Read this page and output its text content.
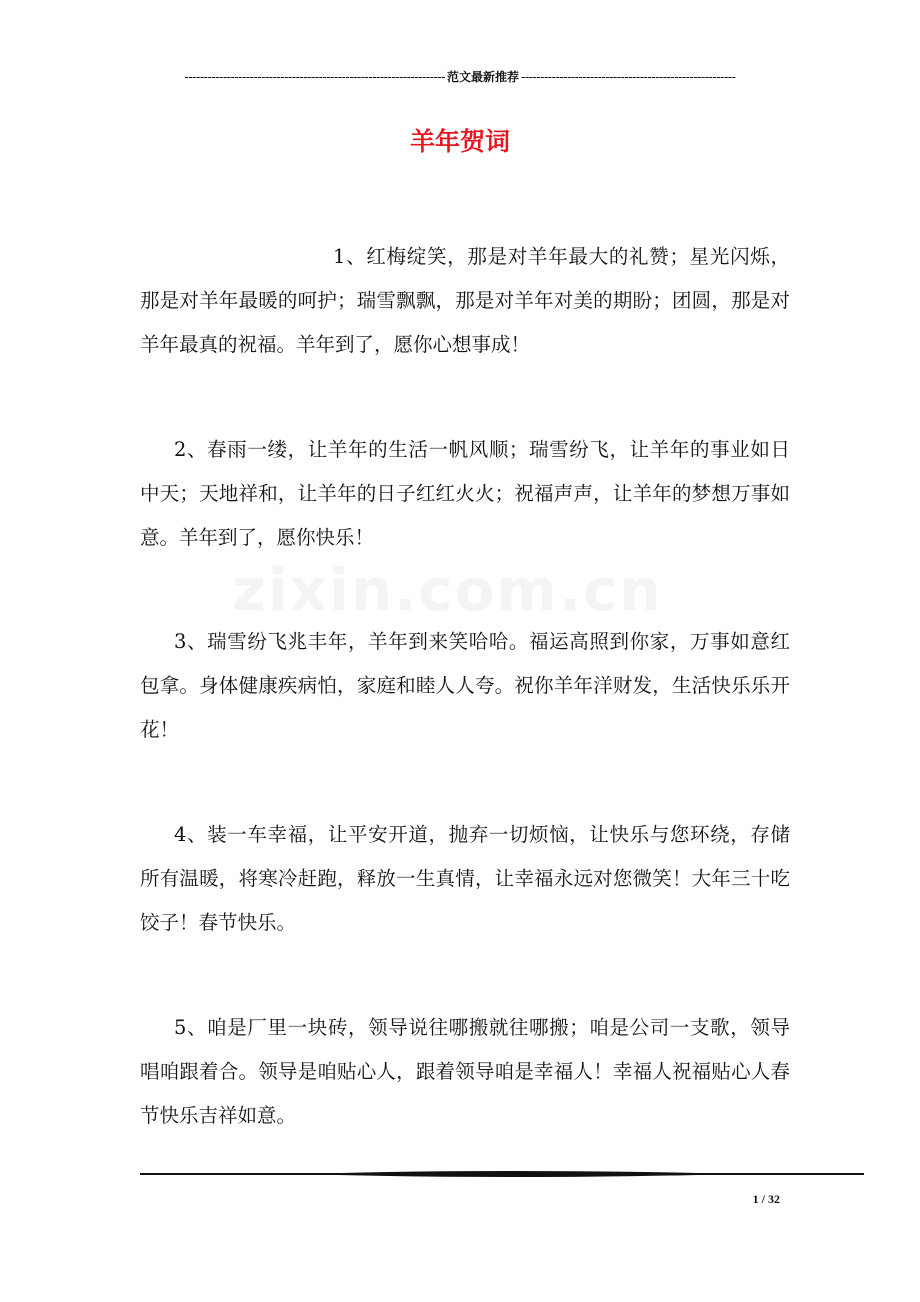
-------------------------------------------------------------------- 范文最新推荐 --------------------------------------------------------
羊年贺词

1、红梅绽笑，那是对羊年最大的礼赞；星光闪烁，那是对羊年最暖的呵护；瑞雪飘飘，那是对羊年对美的期盼；团圆，那是对羊年最真的祝福。羊年到了，愿你心想事成！

2、春雨一缕，让羊年的生活一帆风顺；瑞雪纷飞，让羊年的事业如日中天；天地祥和，让羊年的日子红红火火；祝福声声，让羊年的梦想万事如意。羊年到了，愿你快乐！

3、瑞雪纷飞兆丰年，羊年到来笑哈哈。福运高照到你家，万事如意红包拿。身体健康疾病怕，家庭和睦人人夸。祝你羊年洋财发，生活快乐乐开花！

4、装一车幸福，让平安开道，抛弃一切烦恼，让快乐与您环绕，存储所有温暖，将寒冷赶跑，释放一生真情，让幸福永远对您微笑！大年三十吃饺子！春节快乐。

5、咱是厂里一块砖，领导说往哪搬就往哪搬；咱是公司一支歌，领导唱咱跟着合。领导是咱贴心人，跟着领导咱是幸福人！幸福人祝福贴心人春节快乐吉祥如意。

1 / 32
